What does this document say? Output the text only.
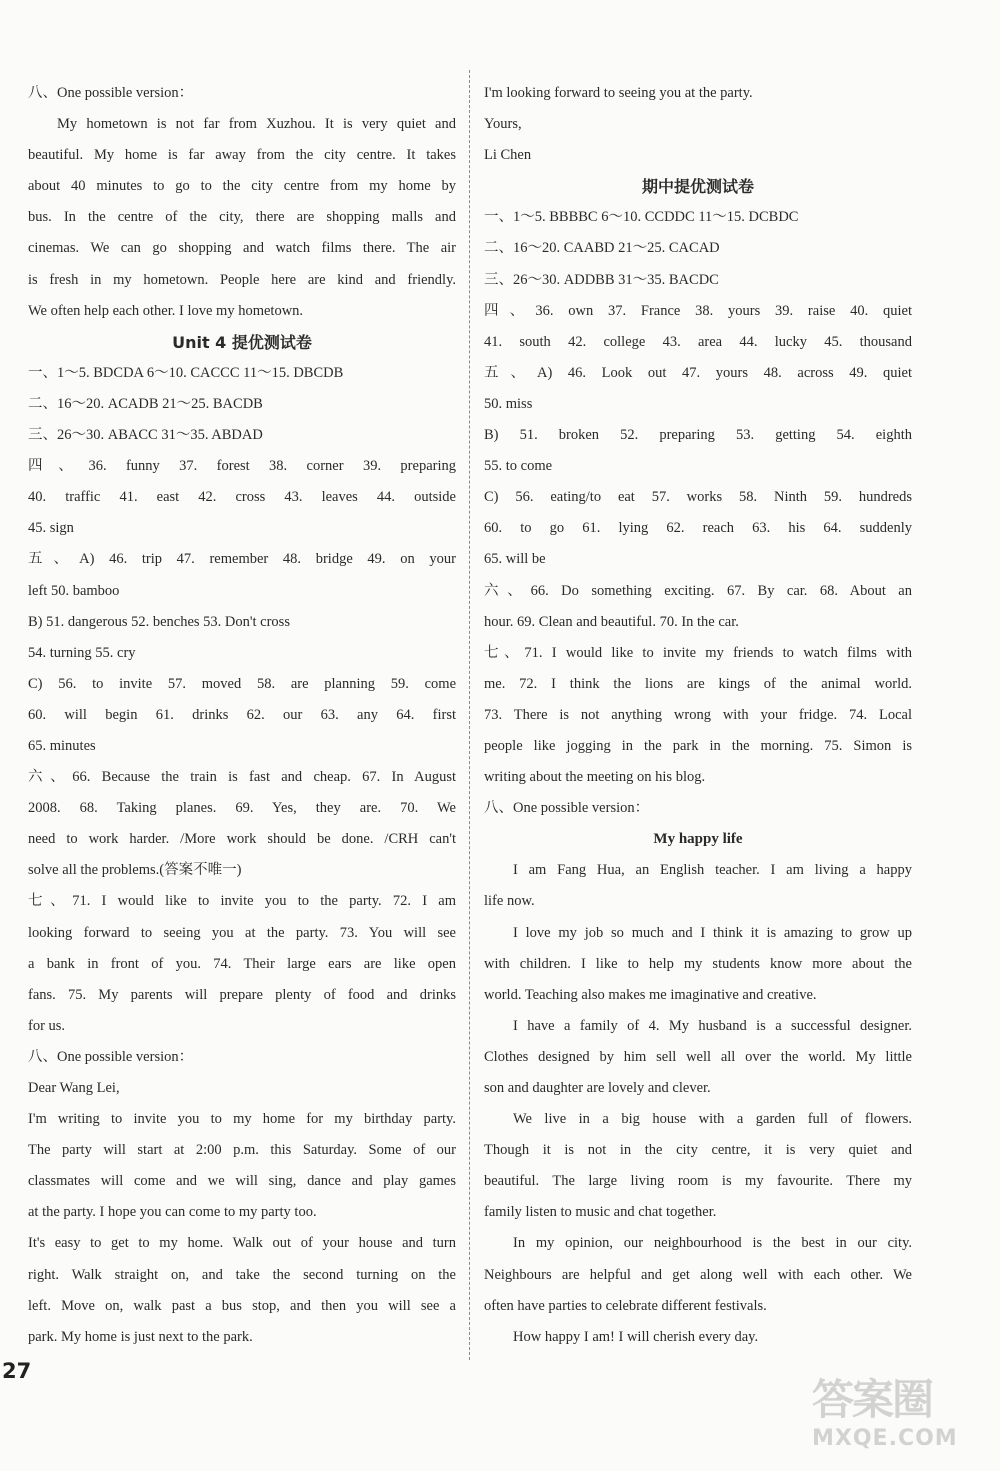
八、One possible version：
My hometown is not far from Xuzhou. It is very quiet and
beautiful. My home is far away from the city centre. It takes
about 40 minutes to go to the city centre from my home by
bus. In the centre of the city, there are shopping malls and
cinemas. We can go shopping and watch films there. The air
is fresh in my hometown. People here are kind and friendly.
We often help each other. I love my hometown.
Unit 4 提优测试卷
一、1～5. BDCDA 6～10. CACCC 11～15. DBCDB
二、16～20. ACADB 21～25. BACDB
三、26～30. ABACC 31～35. ABDAD
四、36. funny 37. forest 38. corner 39. preparing
40. traffic 41. east 42. cross 43. leaves 44. outside
45. sign
五、A) 46. trip 47. remember 48. bridge 49. on your
left 50. bamboo
B) 51. dangerous 52. benches 53. Don't cross
54. turning 55. cry
C) 56. to invite 57. moved 58. are planning 59. come
60. will begin 61. drinks 62. our 63. any 64. first
65. minutes
六、66. Because the train is fast and cheap. 67. In August
2008. 68. Taking planes. 69. Yes, they are. 70. We
need to work harder. /More work should be done. /CRH can't
solve all the problems.(答案不唯一)
七、71. I would like to invite you to the party. 72. I am
looking forward to seeing you at the party. 73. You will see
a bank in front of you. 74. Their large ears are like open
fans. 75. My parents will prepare plenty of food and drinks
for us.
八、One possible version：
Dear Wang Lei,
I'm writing to invite you to my home for my birthday party.
The party will start at 2:00 p.m. this Saturday. Some of our
classmates will come and we will sing, dance and play games
at the party. I hope you can come to my party too.
It's easy to get to my home. Walk out of your house and turn
right. Walk straight on, and take the second turning on the
left. Move on, walk past a bus stop, and then you will see a
park. My home is just next to the park.
I'm looking forward to seeing you at the party.
Yours,
Li Chen
期中提优测试卷
一、1～5. BBBBC 6～10. CCDDC 11～15. DCBDC
二、16～20. CAABD 21～25. CACAD
三、26～30. ADDBB 31～35. BACDC
四、36. own 37. France 38. yours 39. raise 40. quiet
41. south 42. college 43. area 44. lucky 45. thousand
五、A) 46. Look out 47. yours 48. across 49. quiet
50. miss
B) 51. broken 52. preparing 53. getting 54. eighth
55. to come
C) 56. eating/to eat 57. works 58. Ninth 59. hundreds
60. to go 61. lying 62. reach 63. his 64. suddenly
65. will be
六、66. Do something exciting. 67. By car. 68. About an
hour. 69. Clean and beautiful. 70. In the car.
七、71. I would like to invite my friends to watch films with
me. 72. I think the lions are kings of the animal world.
73. There is not anything wrong with your fridge. 74. Local
people like jogging in the park in the morning. 75. Simon is
writing about the meeting on his blog.
八、One possible version：
My happy life
I am Fang Hua, an English teacher. I am living a happy
life now.
I love my job so much and I think it is amazing to grow up
with children. I like to help my students know more about the
world. Teaching also makes me imaginative and creative.
I have a family of 4. My husband is a successful designer.
Clothes designed by him sell well all over the world. My little
son and daughter are lovely and clever.
We live in a big house with a garden full of flowers.
Though it is not in the city centre, it is very quiet and
beautiful. The large living room is my favourite. There my
family listen to music and chat together.
In my opinion, our neighbourhood is the best in our city.
Neighbours are helpful and get along well with each other. We
often have parties to celebrate different festivals.
How happy I am! I will cherish every day.
27
答案圈
MXQE.COM
